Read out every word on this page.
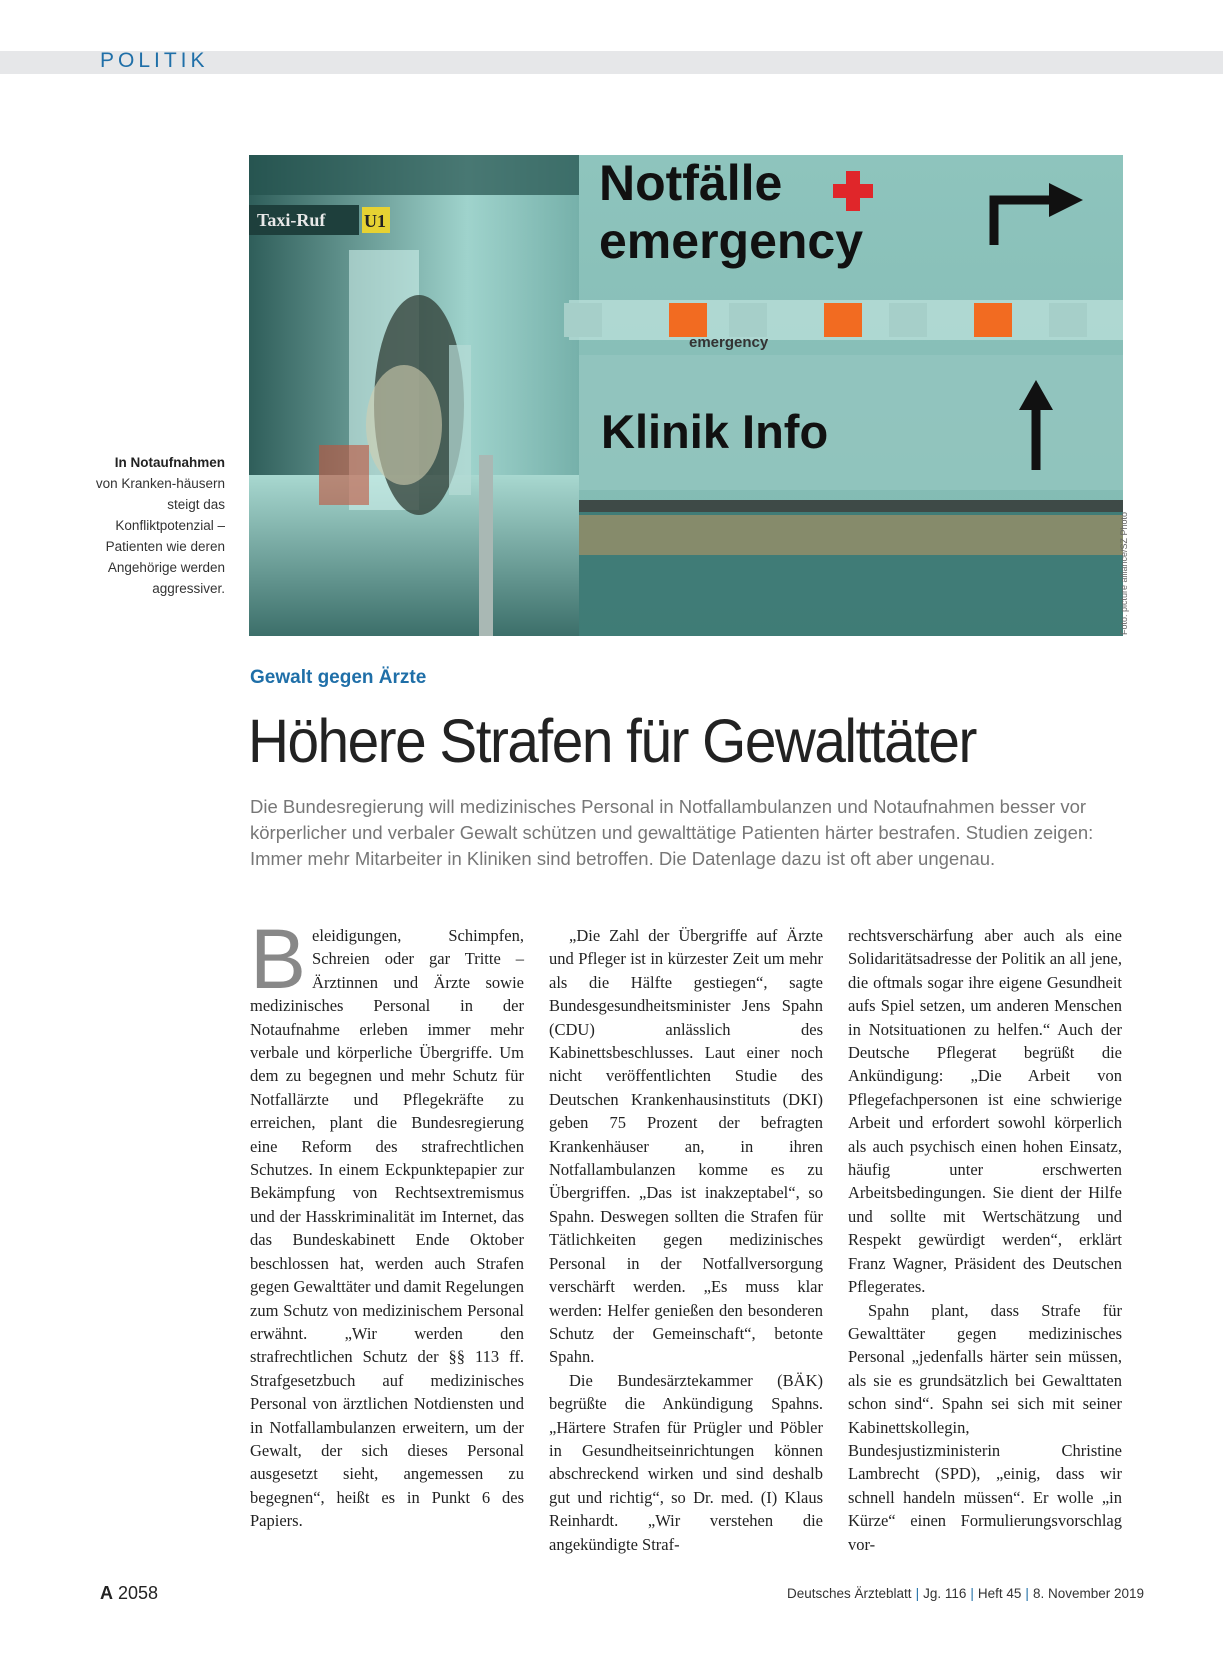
POLITIK
Taxi-Ruf U1
Notfälle
emergency
emergency
Klinik Info
Foto: picture alliance/SZ Photo
In Notaufnahmen
von Kranken-häusern steigt das Konfliktpotenzial – Patienten wie deren Angehörige werden aggressiver.
Gewalt gegen Ärzte
Höhere Strafen für Gewalttäter
Die Bundesregierung will medizinisches Personal in Notfallambulanzen und Notaufnahmen besser vor körperlicher und verbaler Gewalt schützen und gewalttätige Patienten härter bestrafen. Studien zeigen: Immer mehr Mitarbeiter in Kliniken sind betroffen. Die Datenlage dazu ist oft aber ungenau.

Beleidigungen, Schimpfen, Schreien oder gar Tritte – Ärztinnen und Ärzte sowie medizinisches Personal in der Notaufnahme erleben immer mehr verbale und körperliche Übergriffe. Um dem zu begegnen und mehr Schutz für Notfallärzte und Pflegekräfte zu erreichen, plant die Bundesregierung eine Reform des strafrechtlichen Schutzes. In einem Eckpunktepapier zur Bekämpfung von Rechtsextremismus und der Hasskriminalität im Internet, das das Bundeskabinett Ende Oktober beschlossen hat, werden auch Strafen gegen Gewalttäter und damit Regelungen zum Schutz von medizinischem Personal erwähnt. „Wir werden den strafrechtlichen Schutz der §§ 113 ff. Strafgesetzbuch auf medizinisches Personal von ärztlichen Notdiensten und in Notfallambulanzen erweitern, um der Gewalt, der sich dieses Personal ausgesetzt sieht, angemessen zu begegnen“, heißt es in Punkt 6 des Papiers.

„Die Zahl der Übergriffe auf Ärzte und Pfleger ist in kürzester Zeit um mehr als die Hälfte gestiegen“, sagte Bundesgesundheitsminister Jens Spahn (CDU) anlässlich des Kabinettsbeschlusses. Laut einer noch nicht veröffentlichten Studie des Deutschen Krankenhausinstituts (DKI) geben 75 Prozent der befragten Krankenhäuser an, in ihren Notfallambulanzen komme es zu Übergriffen. „Das ist inakzeptabel“, so Spahn. Deswegen sollten die Strafen für Tätlichkeiten gegen medizinisches Personal in der Notfallversorgung verschärft werden. „Es muss klar werden: Helfer genießen den besonderen Schutz der Gemeinschaft“, betonte Spahn.

Die Bundesärztekammer (BÄK) begrüßte die Ankündigung Spahns. „Härtere Strafen für Prügler und Pöbler in Gesundheitseinrichtungen können abschreckend wirken und sind deshalb gut und richtig“, so Dr. med. (I) Klaus Reinhardt. „Wir verstehen die angekündigte Straf-

rechtsverschärfung aber auch als eine Solidaritätsadresse der Politik an all jene, die oftmals sogar ihre eigene Gesundheit aufs Spiel setzen, um anderen Menschen in Notsituationen zu helfen.“ Auch der Deutsche Pflegerat begrüßt die Ankündigung: „Die Arbeit von Pflegefachpersonen ist eine schwierige Arbeit und erfordert sowohl körperlich als auch psychisch einen hohen Einsatz, häufig unter erschwerten Arbeitsbedingungen. Sie dient der Hilfe und sollte mit Wertschätzung und Respekt gewürdigt werden“, erklärt Franz Wagner, Präsident des Deutschen Pflegerates.

Spahn plant, dass Strafe für Gewalttäter gegen medizinisches Personal „jedenfalls härter sein müssen, als sie es grundsätzlich bei Gewalttaten schon sind“. Spahn sei sich mit seiner Kabinettskollegin, Bundesjustizministerin Christine Lambrecht (SPD), „einig, dass wir schnell handeln müssen“. Er wolle „in Kürze“ einen Formulierungsvorschlag vor-

A 2058	Deutsches Ärzteblatt | Jg. 116 | Heft 45 | 8. November 2019
